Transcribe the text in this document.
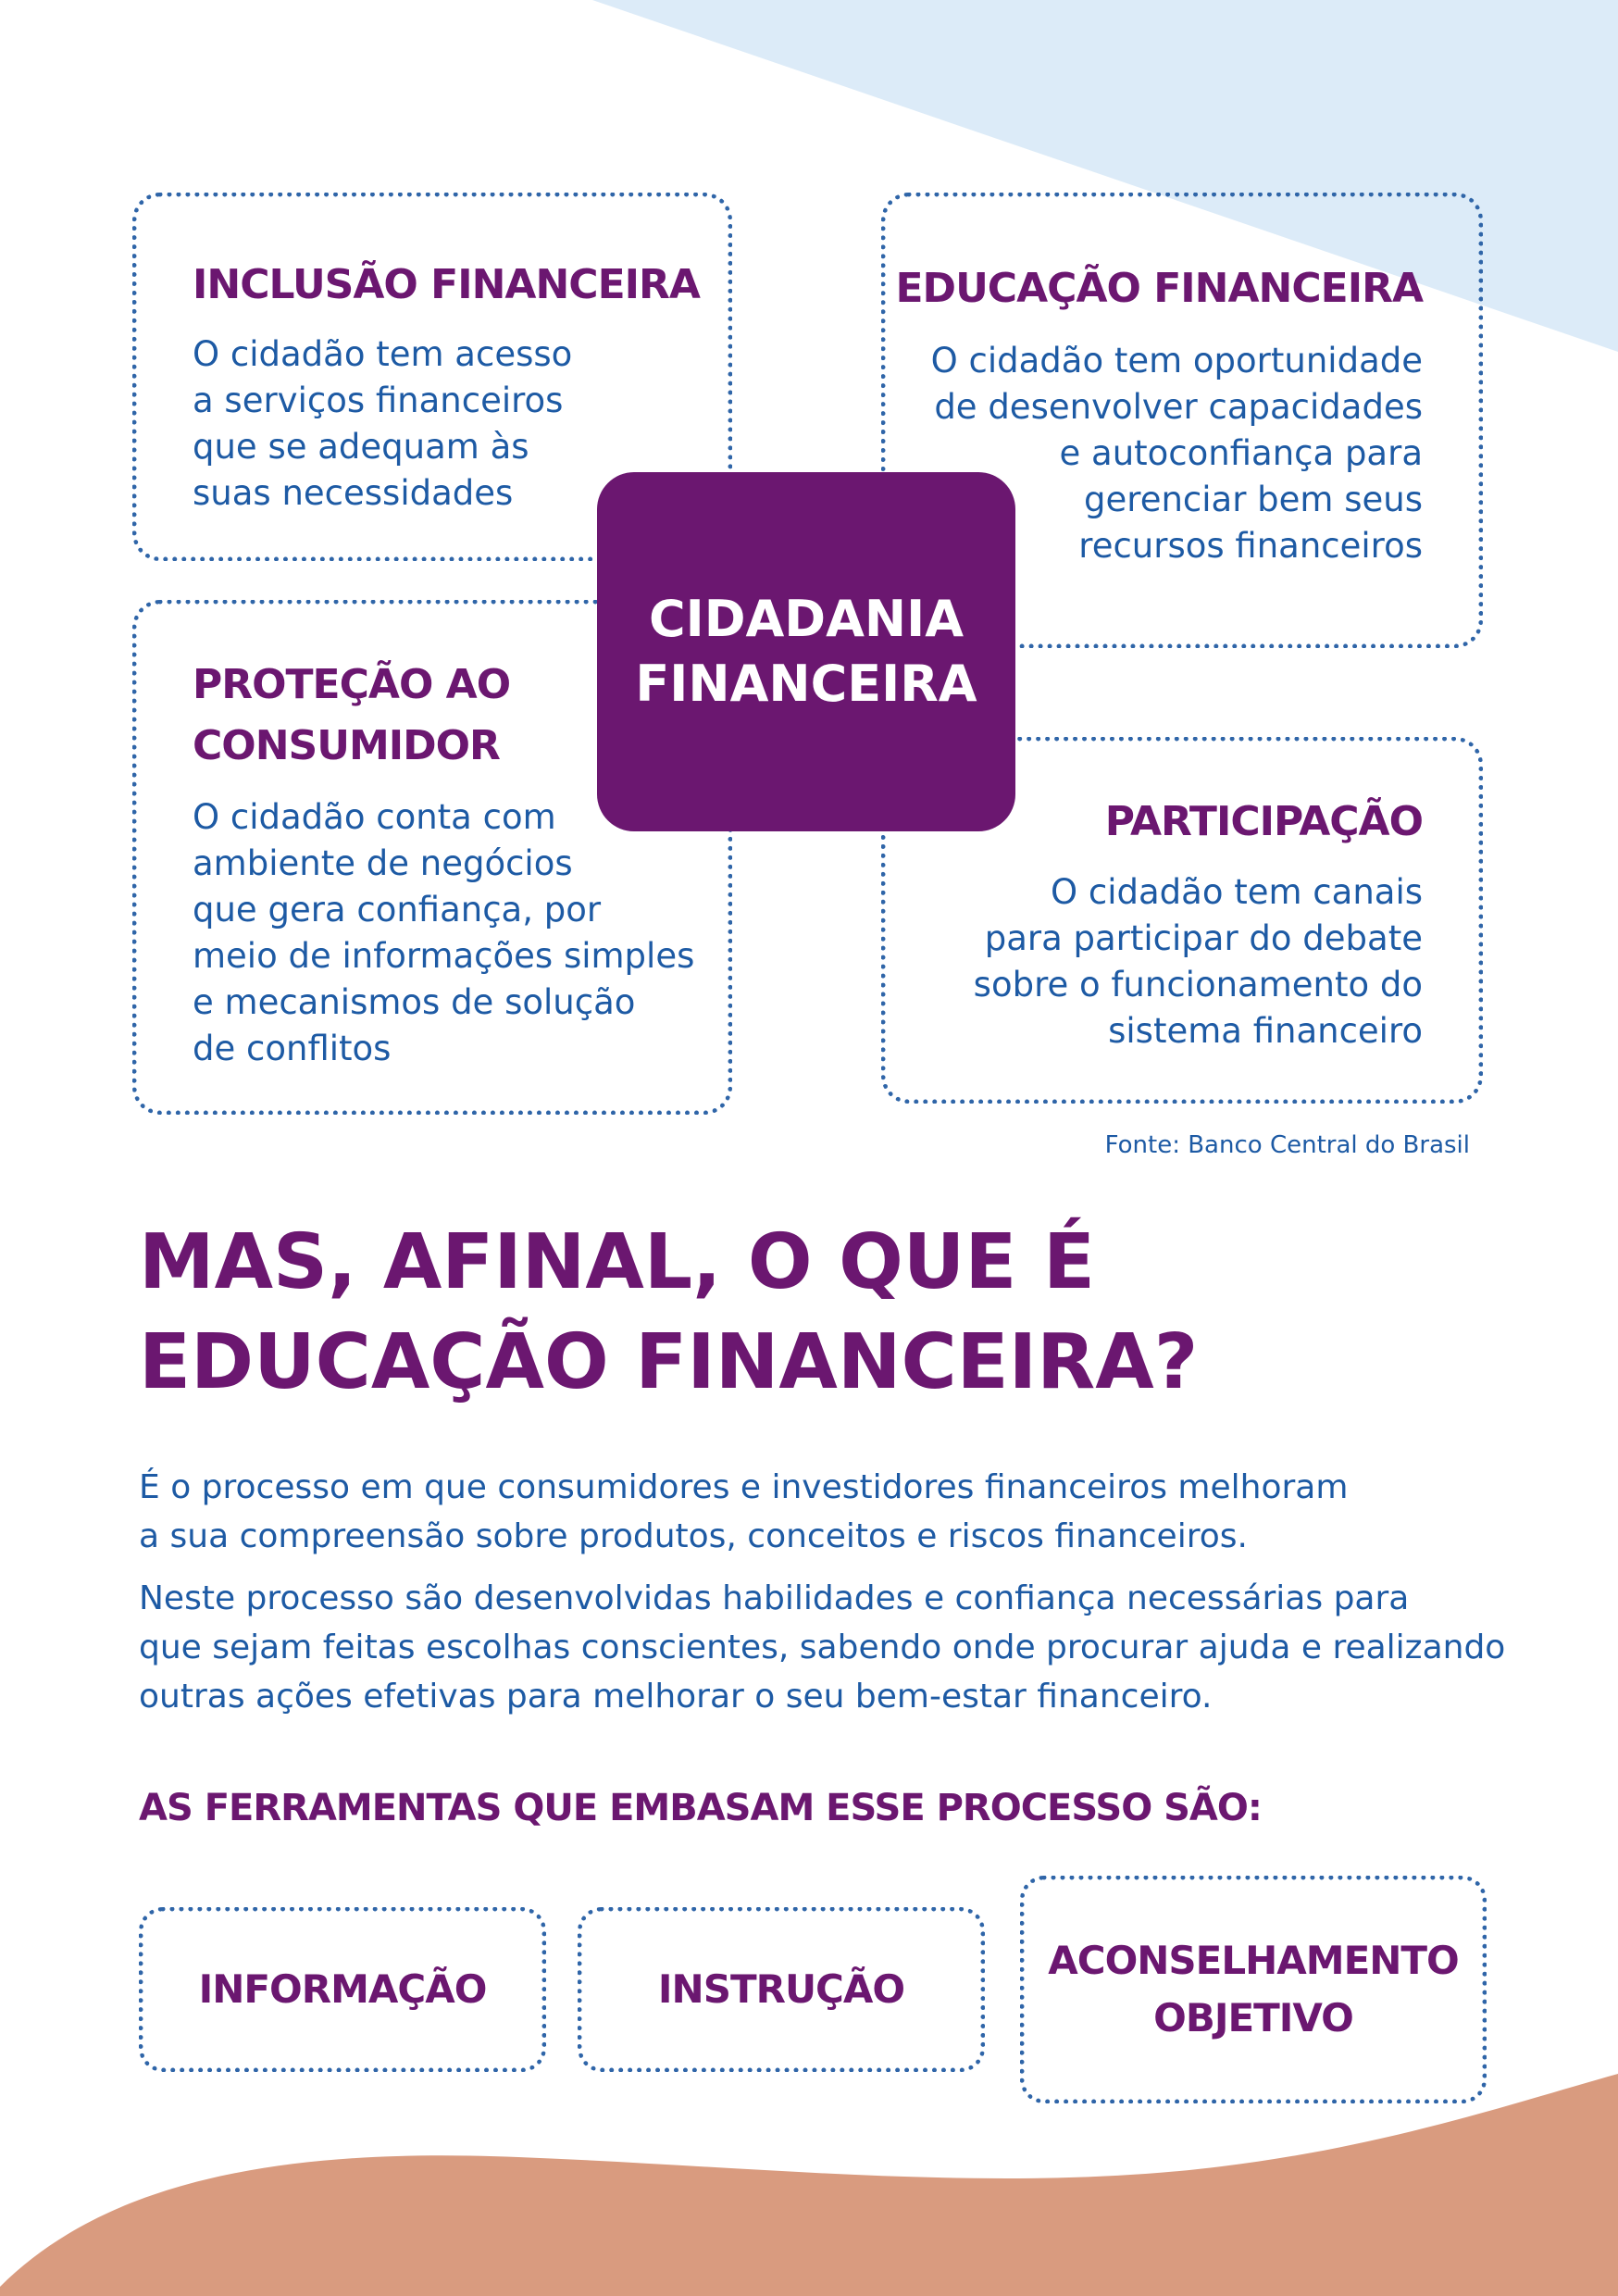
INCLUSÃO FINANCEIRA
O cidadão tem acesso
a serviços financeiros
que se adequam às
suas necessidades
EDUCAÇÃO FINANCEIRA
O cidadão tem oportunidade
de desenvolver capacidades
e autoconfiança para
gerenciar bem seus
recursos financeiros
PROTEÇÃO AO
CONSUMIDOR
O cidadão conta com
ambiente de negócios
que gera confiança, por
meio de informações simples
e mecanismos de solução
de conflitos
PARTICIPAÇÃO
O cidadão tem canais
para participar do debate
sobre o funcionamento do
sistema financeiro
CIDADANIA
FINANCEIRA
Fonte: Banco Central do Brasil
MAS, AFINAL, O QUE É
EDUCAÇÃO FINANCEIRA?
É o processo em que consumidores e investidores financeiros melhoram
a sua compreensão sobre produtos, conceitos e riscos financeiros.
Neste processo são desenvolvidas habilidades e confiança necessárias para
que sejam feitas escolhas conscientes, sabendo onde procurar ajuda e realizando
outras ações efetivas para melhorar o seu bem-estar financeiro.
AS FERRAMENTAS QUE EMBASAM ESSE PROCESSO SÃO:
INFORMAÇÃO	INSTRUÇÃO
ACONSELHAMENTO
OBJETIVO
